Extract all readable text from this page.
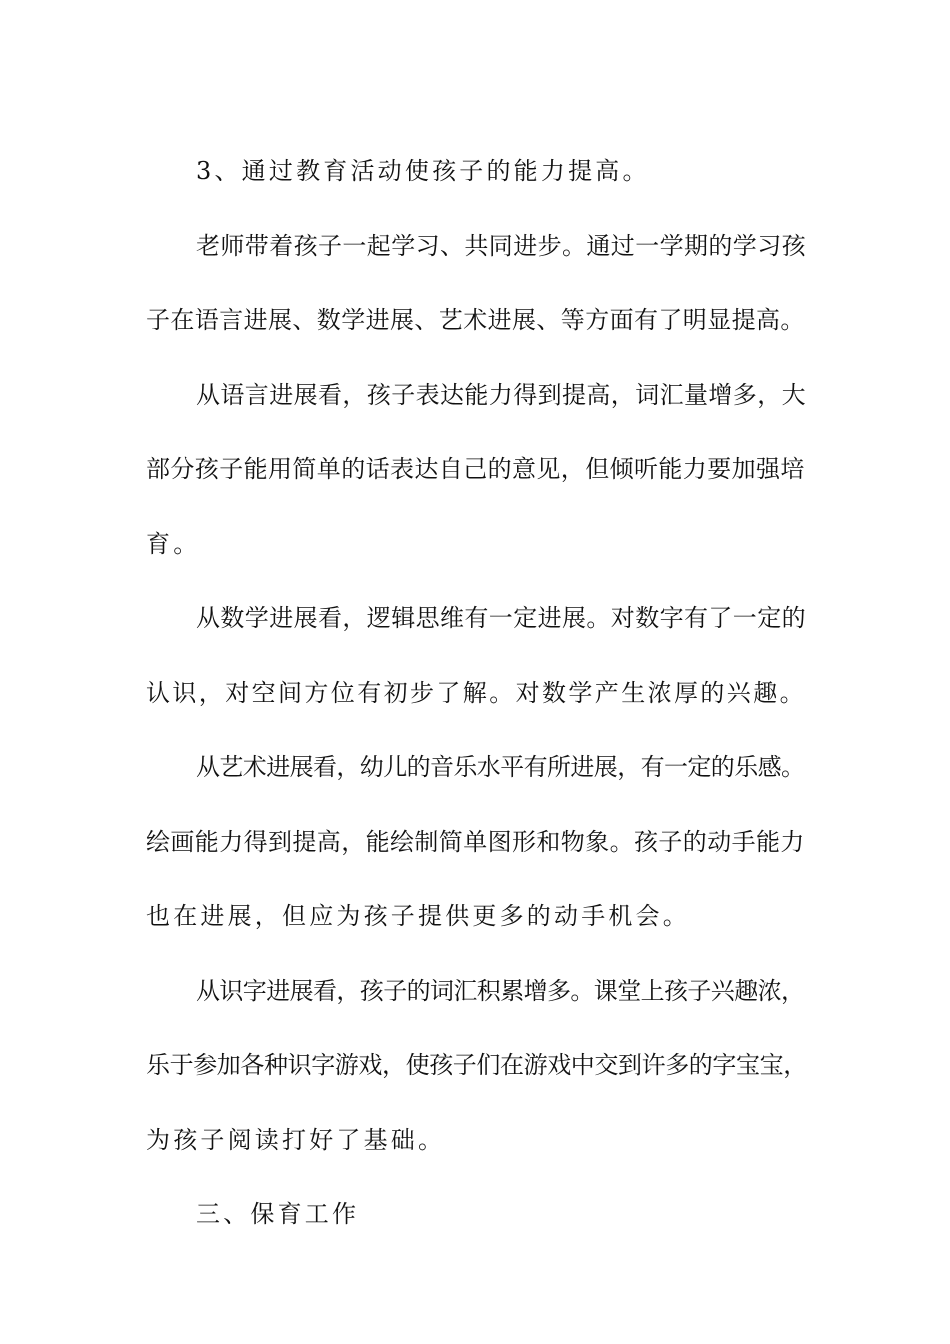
3、通过教育活动使孩子的能力提高。

老师带着孩子一起学习、共同进步。通过一学期的学习孩
子在语言进展、数学进展、艺术进展、等方面有了明显提高。

从语言进展看，孩子表达能力得到提高，词汇量增多，大
部分孩子能用简单的话表达自己的意见，但倾听能力要加强培
育。

从数学进展看，逻辑思维有一定进展。对数字有了一定的
认识，对空间方位有初步了解。对数学产生浓厚的兴趣。

从艺术进展看，幼儿的音乐水平有所进展，有一定的乐感。
绘画能力得到提高，能绘制简单图形和物象。孩子的动手能力
也在进展，但应为孩子提供更多的动手机会。

从识字进展看，孩子的词汇积累增多。课堂上孩子兴趣浓，
乐于参加各种识字游戏，使孩子们在游戏中交到许多的字宝宝，
为孩子阅读打好了基础。

三、保育工作
